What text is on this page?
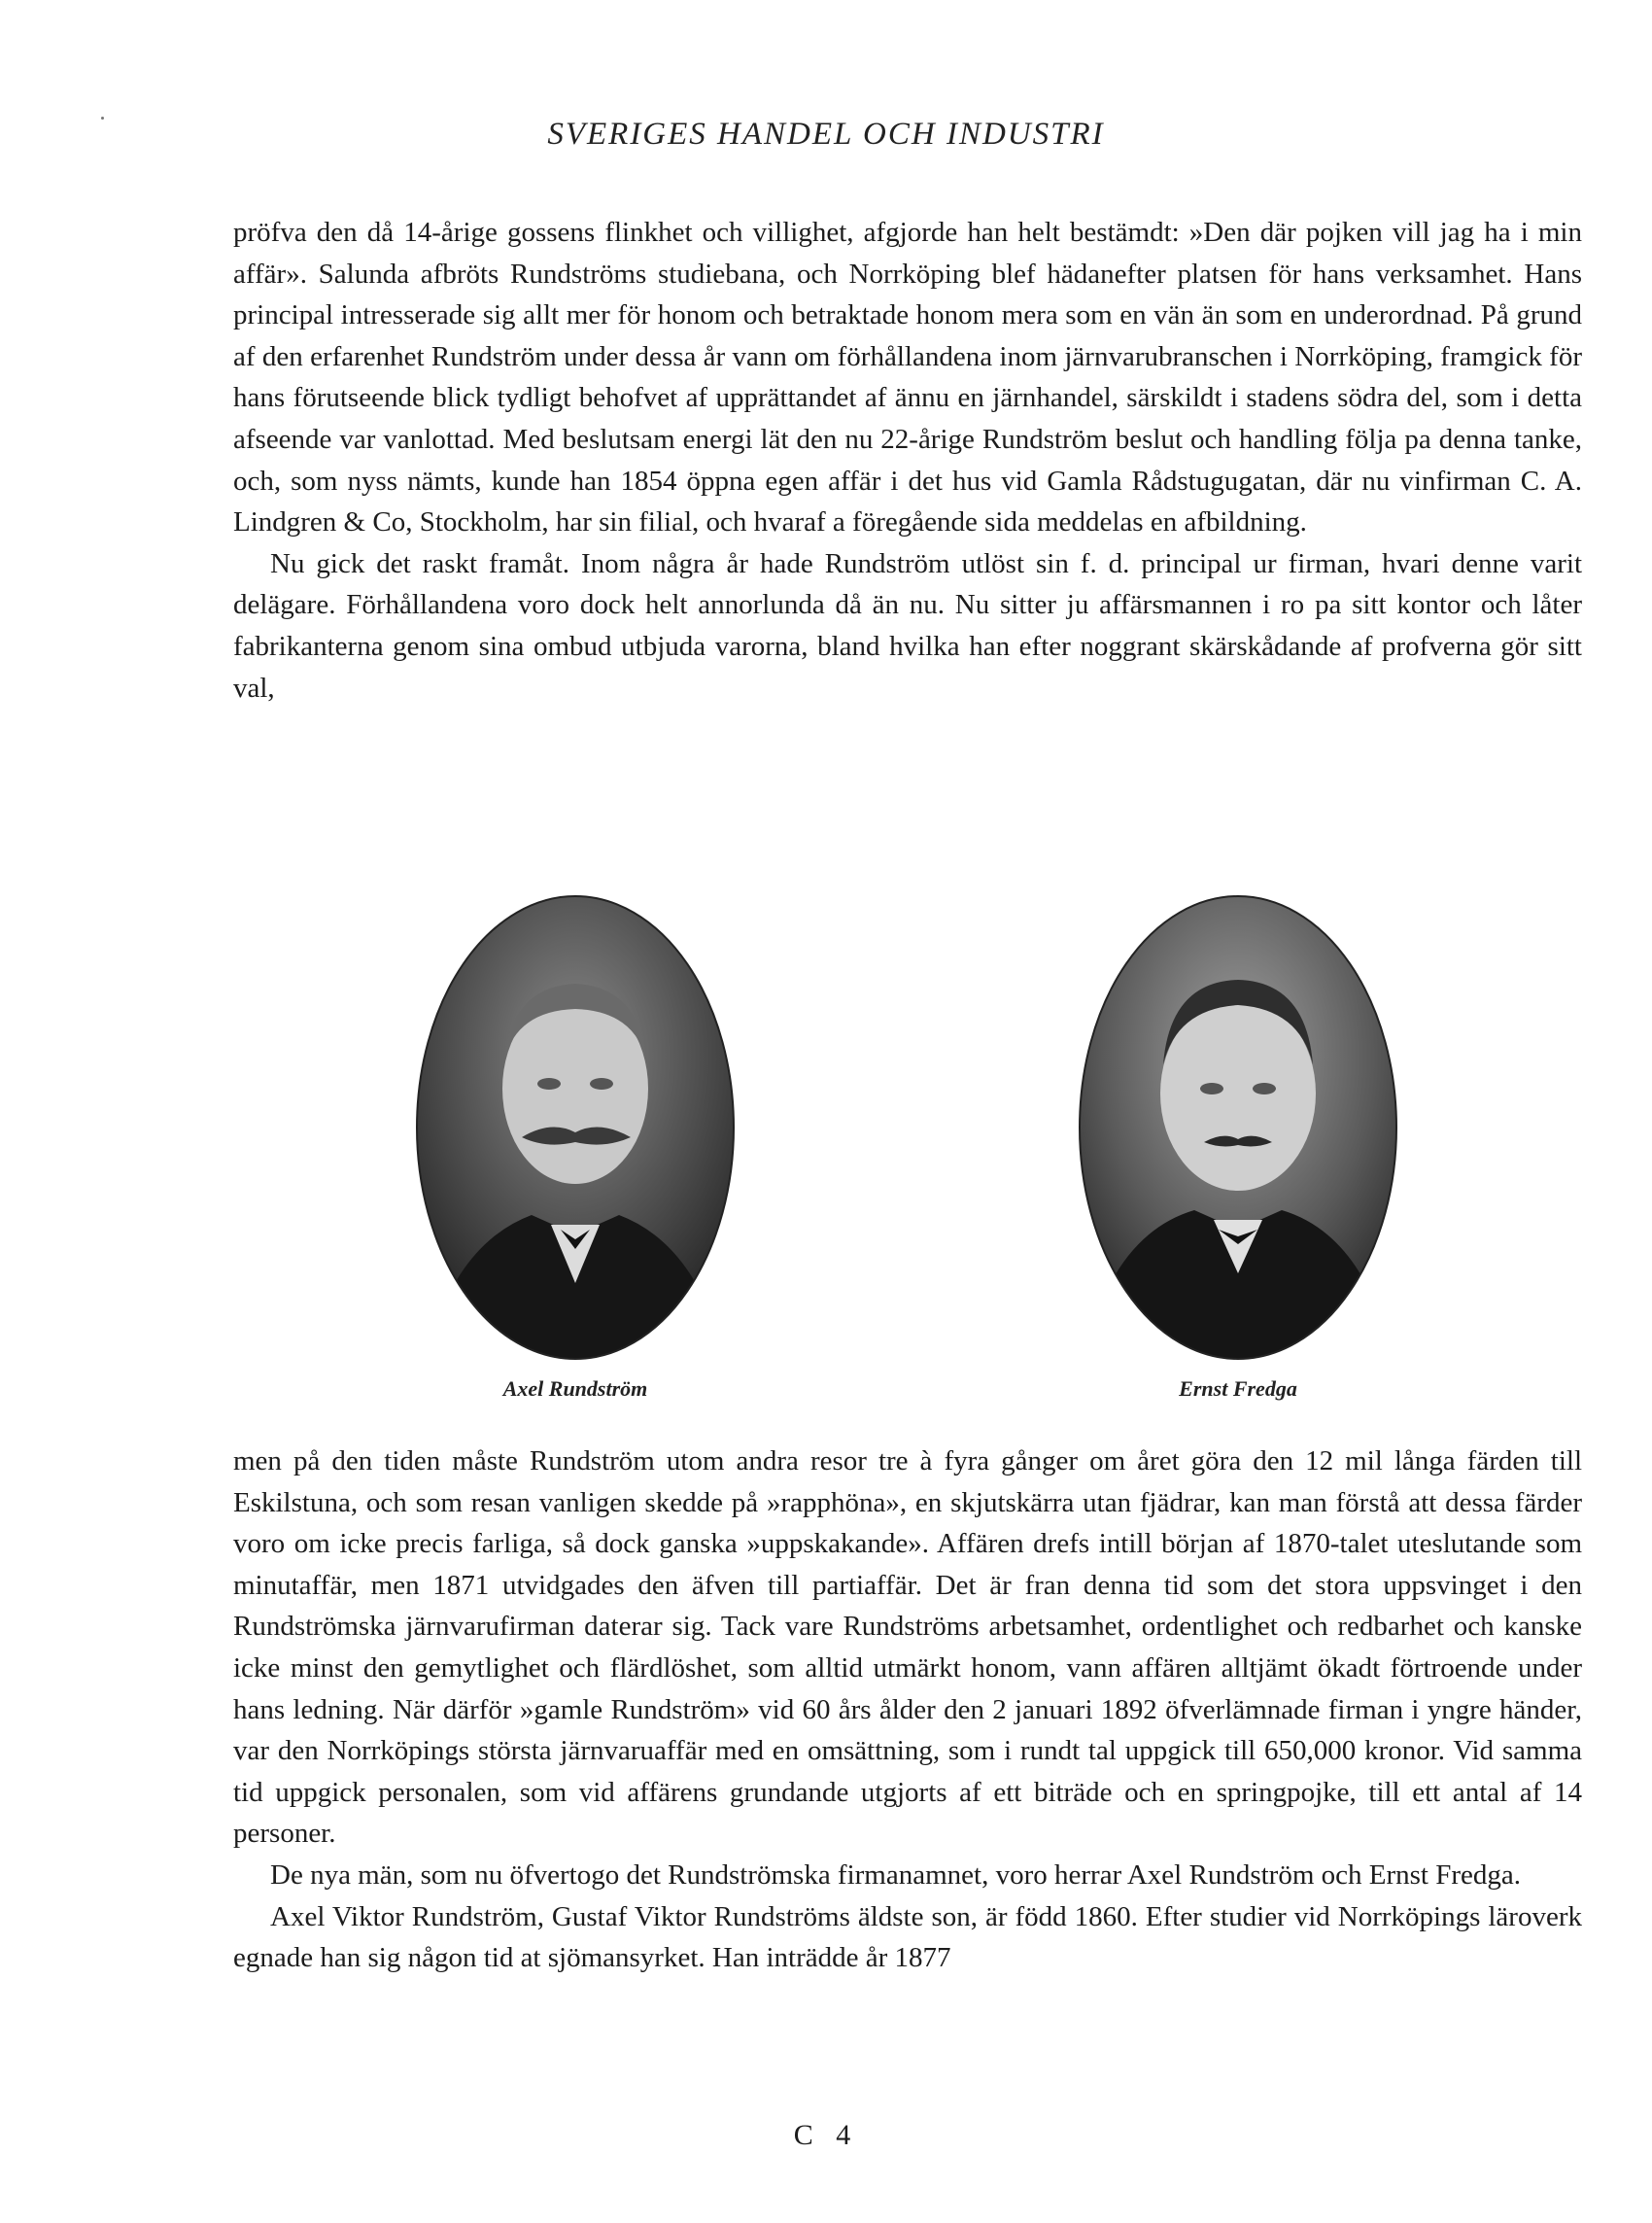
SVERIGES HANDEL OCH INDUSTRI

pröfva den då 14-årige gossens flinkhet och villighet, afgjorde han helt bestämdt: »Den där pojken vill jag ha i min affär». Salunda afbröts Rundströms studiebana, och Norrköping blef hädanefter platsen för hans verksamhet. Hans principal intresserade sig allt mer för honom och betraktade honom mera som en vän än som en underordnad. På grund af den erfarenhet Rundström under dessa år vann om förhållandena inom järnvarubranschen i Norrköping, framgick för hans förutseende blick tydligt behofvet af upprättandet af ännu en järnhandel, särskildt i stadens södra del, som i detta afseende var vanlottad. Med beslutsam energi lät den nu 22-årige Rundström beslut och handling följa pa denna tanke, och, som nyss nämts, kunde han 1854 öppna egen affär i det hus vid Gamla Rådstugugatan, där nu vinfirman C. A. Lindgren & Co, Stockholm, har sin filial, och hvaraf a föregående sida meddelas en afbildning.

Nu gick det raskt framåt. Inom några år hade Rundström utlöst sin f. d. principal ur firman, hvari denne varit delägare. Förhållandena voro dock helt annorlunda då än nu. Nu sitter ju affärsmannen i ro pa sitt kontor och låter fabrikanterna genom sina ombud utbjuda varorna, bland hvilka han efter noggrant skärskådande af profverna gör sitt val,

Axel Rundström	Ernst Fredga

men på den tiden måste Rundström utom andra resor tre à fyra gånger om året göra den 12 mil långa färden till Eskilstuna, och som resan vanligen skedde på »rapphöna», en skjutskärra utan fjädrar, kan man förstå att dessa färder voro om icke precis farliga, så dock ganska »uppskakande». Affären drefs intill början af 1870-talet uteslutande som minutaffär, men 1871 utvidgades den äfven till partiaffär. Det är fran denna tid som det stora uppsvinget i den Rundströmska järnvarufirman daterar sig. Tack vare Rundströms arbetsamhet, ordentlighet och redbarhet och kanske icke minst den gemytlighet och flärdlöshet, som alltid utmärkt honom, vann affären alltjämt ökadt förtroende under hans ledning. När därför »gamle Rundström» vid 60 års ålder den 2 januari 1892 öfverlämnade firman i yngre händer, var den Norrköpings största järnvaruaffär med en omsättning, som i rundt tal uppgick till 650,000 kronor. Vid samma tid uppgick personalen, som vid affärens grundande utgjorts af ett biträde och en springpojke, till ett antal af 14 personer.

De nya män, som nu öfvertogo det Rundströmska firmanamnet, voro herrar Axel Rundström och Ernst Fredga.

Axel Viktor Rundström, Gustaf Viktor Rundströms äldste son, är född 1860. Efter studier vid Norrköpings läroverk egnade han sig någon tid at sjömansyrket. Han inträdde år 1877

C 4
